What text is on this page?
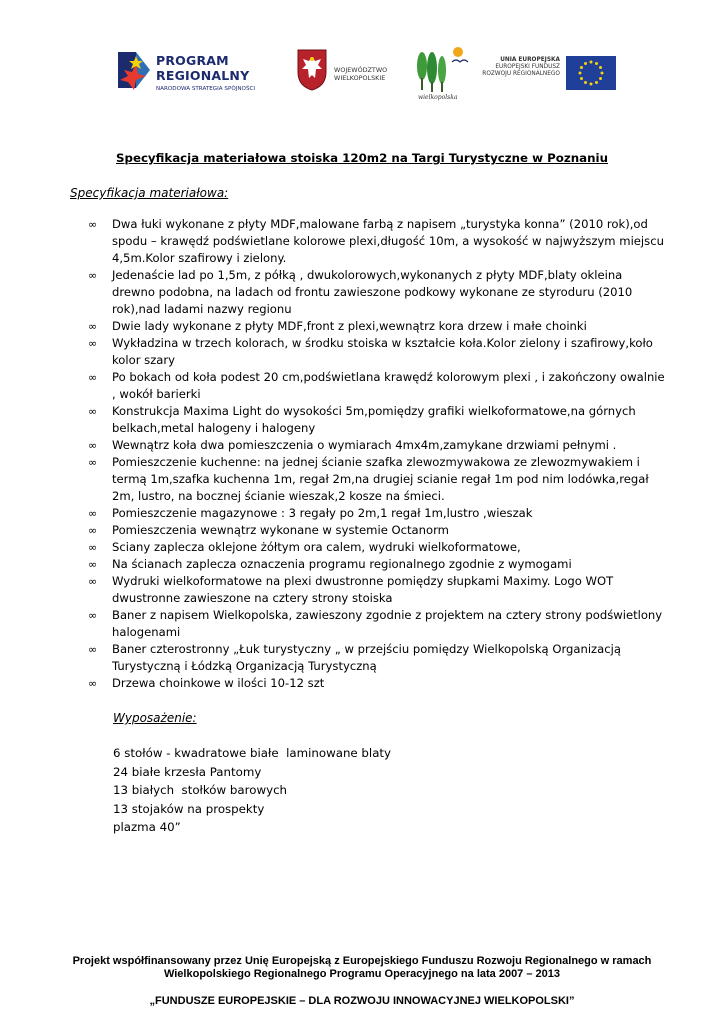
PROGRAM
REGIONALNY
NARODOWA STRATEGIA SPÓJNOŚCI
WOJEWÓDZTWO
WIELKOPOLSKIE
wielkopolska
UNIA EUROPEJSKA
EUROPEJSKI FUNDUSZ
ROZWOJU REGIONALNEGO
Specyfikacja materiałowa stoiska 120m2 na Targi Turystyczne w Poznaniu
Specyfikacja materiałowa:
∞ Dwa łuki wykonane z płyty MDF,malowane farbą z napisem „turystyka konna” (2010 rok),od spodu – krawędź podświetlane kolorowe plexi,długość 10m, a wysokość w najwyższym miejscu 4,5m.Kolor szafirowy i zielony.
∞ Jedenaście lad po 1,5m, z półką , dwukolorowych,wykonanych z płyty MDF,blaty okleina drewno podobna, na ladach od frontu zawieszone podkowy wykonane ze styroduru (2010 rok),nad ladami nazwy regionu
∞ Dwie lady wykonane z płyty MDF,front z plexi,wewnątrz kora drzew i małe choinki
∞ Wykładzina w trzech kolorach, w środku stoiska w kształcie koła.Kolor zielony i szafirowy,koło kolor szary
∞ Po bokach od koła podest 20 cm,podświetlana krawędź kolorowym plexi , i zakończony owalnie , wokół barierki
∞ Konstrukcja Maxima Light do wysokości 5m,pomiędzy grafiki wielkoformatowe,na górnych belkach,metal halogeny i halogeny
∞ Wewnątrz koła dwa pomieszczenia o wymiarach 4mx4m,zamykane drzwiami pełnymi .
∞ Pomieszczenie kuchenne: na jednej ścianie szafka zlewozmywakowa ze zlewozmywakiem i termą 1m,szafka kuchenna 1m, regał 2m,na drugiej scianie regał 1m pod nim lodówka,regał 2m, lustro, na bocznej ścianie wieszak,2 kosze na śmieci.
∞ Pomieszczenie magazynowe : 3 regały po 2m,1 regał 1m,lustro ,wieszak
∞ Pomieszczenia wewnątrz wykonane w systemie Octanorm
∞ Sciany zaplecza oklejone żółtym ora calem, wydruki wielkoformatowe,
∞ Na ścianach zaplecza oznaczenia programu regionalnego zgodnie z wymogami
∞ Wydruki wielkoformatowe na plexi dwustronne pomiędzy słupkami Maximy. Logo WOT dwustronne zawieszone na cztery strony stoiska
∞ Baner z napisem Wielkopolska, zawieszony zgodnie z projektem na cztery strony podświetlony halogenami
∞ Baner czterostronny „Łuk turystyczny „ w przejściu pomiędzy Wielkopolską Organizacją Turystyczną i Łódzką Organizacją Turystyczną
∞ Drzewa choinkowe w ilości 10-12 szt
Wyposażenie:
6 stołów - kwadratowe białe  laminowane blaty
24 białe krzesła Pantomy
13 białych  stołków barowych
13 stojaków na prospekty
plazma 40”
Projekt współfinansowany przez Unię Europejską z Europejskiego Funduszu Rozwoju Regionalnego w ramach
Wielkopolskiego Regionalnego Programu Operacyjnego na lata 2007 – 2013
„FUNDUSZE EUROPEJSKIE – DLA ROZWOJU INNOWACYJNEJ WIELKOPOLSKI”
